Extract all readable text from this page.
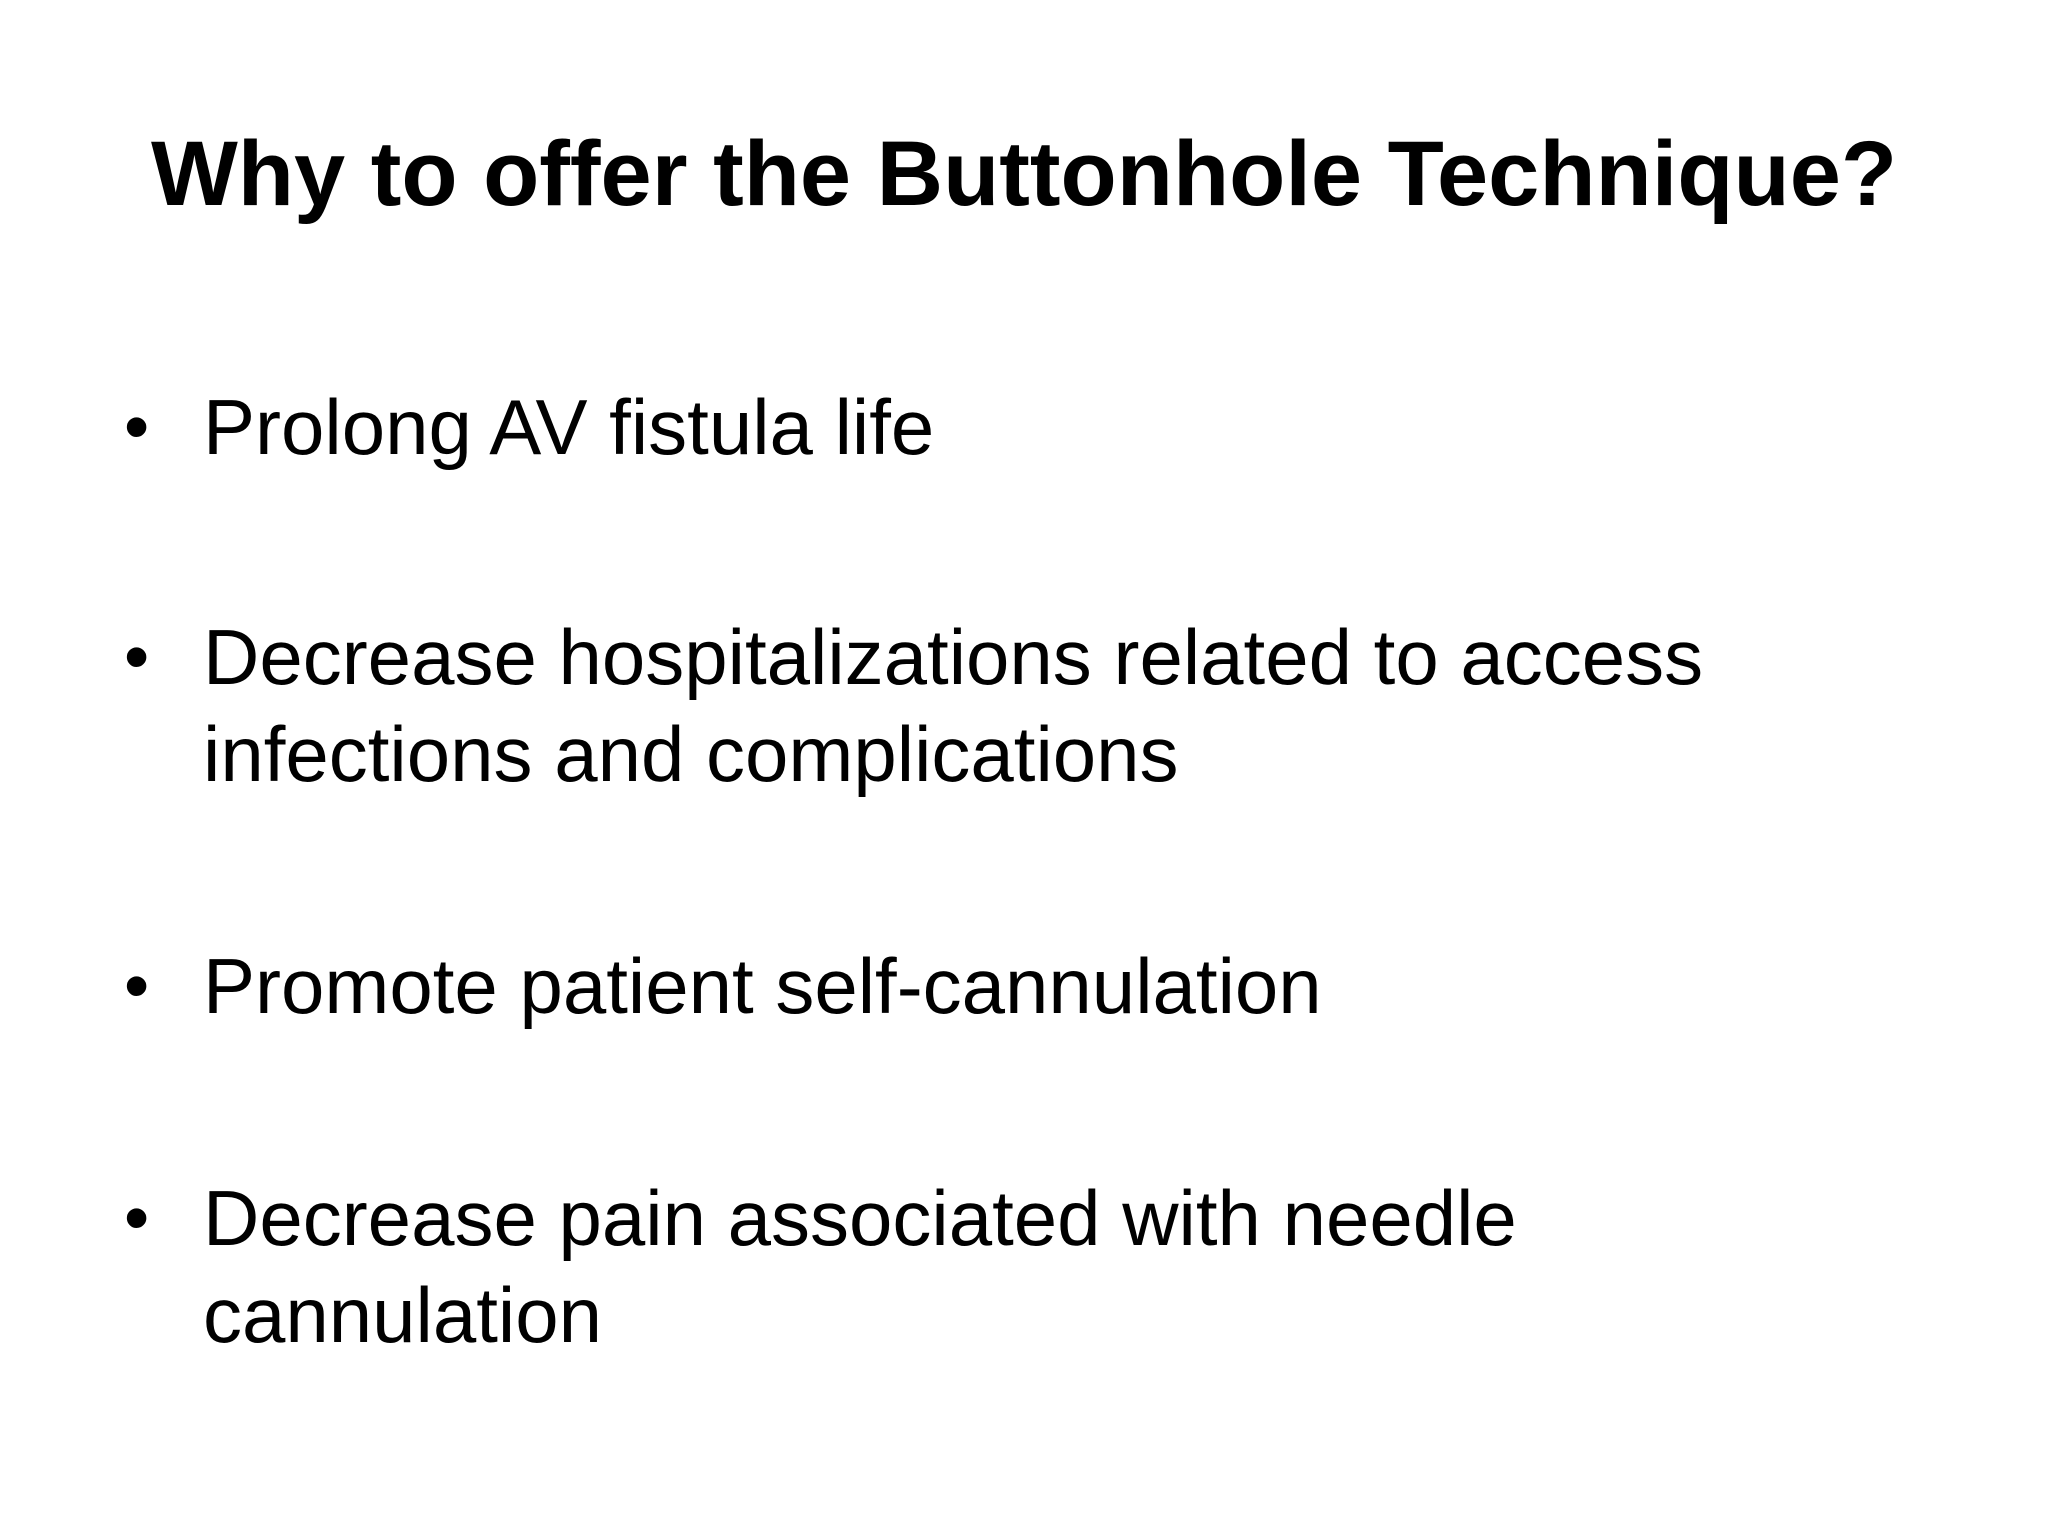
Why to offer the Buttonhole Technique?
• Prolong AV fistula life
• Decrease hospitalizations related to access infections and complications
• Promote patient self-cannulation
• Decrease pain associated with needle cannulation
